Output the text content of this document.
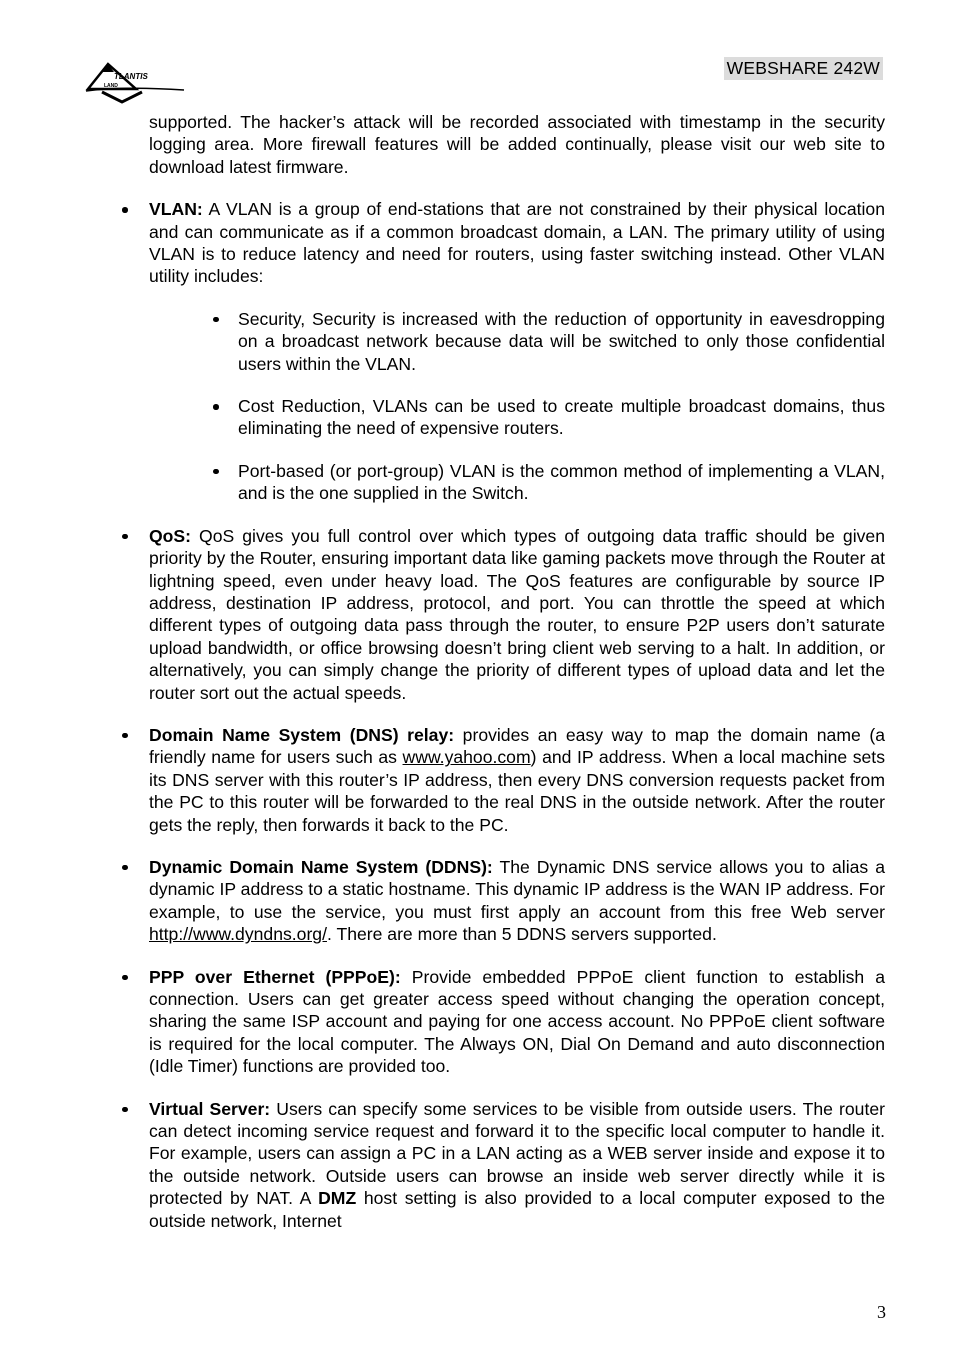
TLANTIS
LAND
WEBSHARE 242W

supported. The hacker’s attack will be recorded associated with timestamp in the security logging area. More firewall features will be added continually, please visit our web site to download latest firmware.

VLAN: A VLAN is a group of end-stations that are not constrained by their physical location and can communicate as if a common broadcast domain, a LAN. The primary utility of using VLAN is to reduce latency and need for routers, using faster switching instead. Other VLAN utility includes:

Security, Security is increased with the reduction of opportunity in eavesdropping on a broadcast network because data will be switched to only those confidential users within the VLAN.

Cost Reduction, VLANs can be used to create multiple broadcast domains, thus eliminating the need of expensive routers.

Port-based (or port-group) VLAN is the common method of implementing a VLAN, and is the one supplied in the Switch.

QoS: QoS gives you full control over which types of outgoing data traffic should be given priority by the Router, ensuring important data like gaming packets move through the Router at lightning speed, even under heavy load. The QoS features are configurable by source IP address, destination IP address, protocol, and port. You can throttle the speed at which different types of outgoing data pass through the router, to ensure P2P users don’t saturate upload bandwidth, or office browsing doesn’t bring client web serving to a halt. In addition, or alternatively, you can simply change the priority of different types of upload data and let the router sort out the actual speeds.

Domain Name System (DNS) relay: provides an easy way to map the domain name (a friendly name for users such as www.yahoo.com) and IP address. When a local machine sets its DNS server with this router’s IP address, then every DNS conversion requests packet from the PC to this router will be forwarded to the real DNS in the outside network. After the router gets the reply, then forwards it back to the PC.

Dynamic Domain Name System (DDNS): The Dynamic DNS service allows you to alias a dynamic IP address to a static hostname. This dynamic IP address is the WAN IP address. For example, to use the service, you must first apply an account from this free Web server http://www.dyndns.org/. There are more than 5 DDNS servers supported.

PPP over Ethernet (PPPoE): Provide embedded PPPoE client function to establish a connection. Users can get greater access speed without changing the operation concept, sharing the same ISP account and paying for one access account. No PPPoE client software is required for the local computer. The Always ON, Dial On Demand and auto disconnection (Idle Timer) functions are provided too.

Virtual Server: Users can specify some services to be visible from outside users. The router can detect incoming service request and forward it to the specific local computer to handle it. For example, users can assign a PC in a LAN acting as a WEB server inside and expose it to the outside network. Outside users can browse an inside web server directly while it is protected by NAT. A DMZ host setting is also provided to a local computer exposed to the outside network, Internet

3
